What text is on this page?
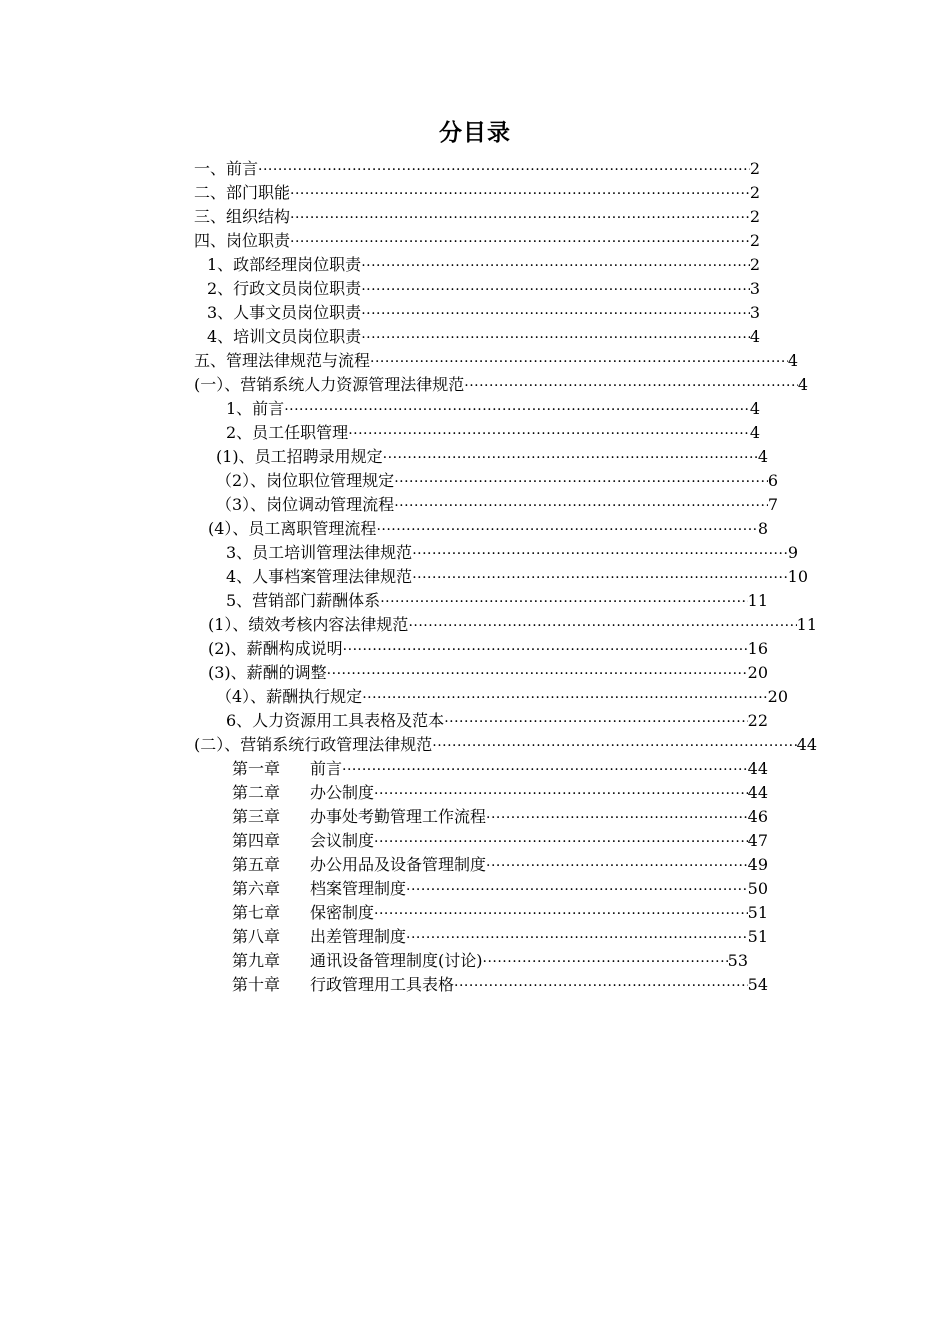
分目录
一、前言 ·····	2
二、部门职能 ·····	2
三、组织结构 ·····	2
四、岗位职责 ·····	2
1、政部经理岗位职责 ·····	2
2、行政文员岗位职责 ·····	3
3、人事文员岗位职责 ·····	3
4、培训文员岗位职责 ·····	4
五、管理法律规范与流程 ·····	4
(一）、营销系统人力资源管理法律规范 ·····	4
1、前言 ·····	4
2、员工任职管理 ·····	4
(1)、员工招聘录用规定 ·····	4
（2）、岗位职位管理规定 ·····	6
（3）、岗位调动管理流程 ·····	7
(4）、员工离职管理流程 ·····	8
3、员工培训管理法律规范 ·····	9
4、人事档案管理法律规范 ·····	10
5、营销部门薪酬体系 ·····	11
(1）、绩效考核内容法律规范 ·····	11
(2)、薪酬构成说明 ·····	16
(3)、薪酬的调整 ·····	20
（4）、薪酬执行规定 ·····	20
6、人力资源用工具表格及范本 ·····	22
(二）、营销系统行政管理法律规范 ·····	44
第一章 前言 ·····	44
第二章 办公制度 ·····	44
第三章 办事处考勤管理工作流程 ·····	46
第四章 会议制度 ·····	47
第五章 办公用品及设备管理制度 ·····	49
第六章 档案管理制度 ·····	50
第七章 保密制度 ·····	51
第八章 出差管理制度 ·····	51
第九章 通讯设备管理制度(讨论) ·····	53
第十章 行政管理用工具表格 ·····	54
